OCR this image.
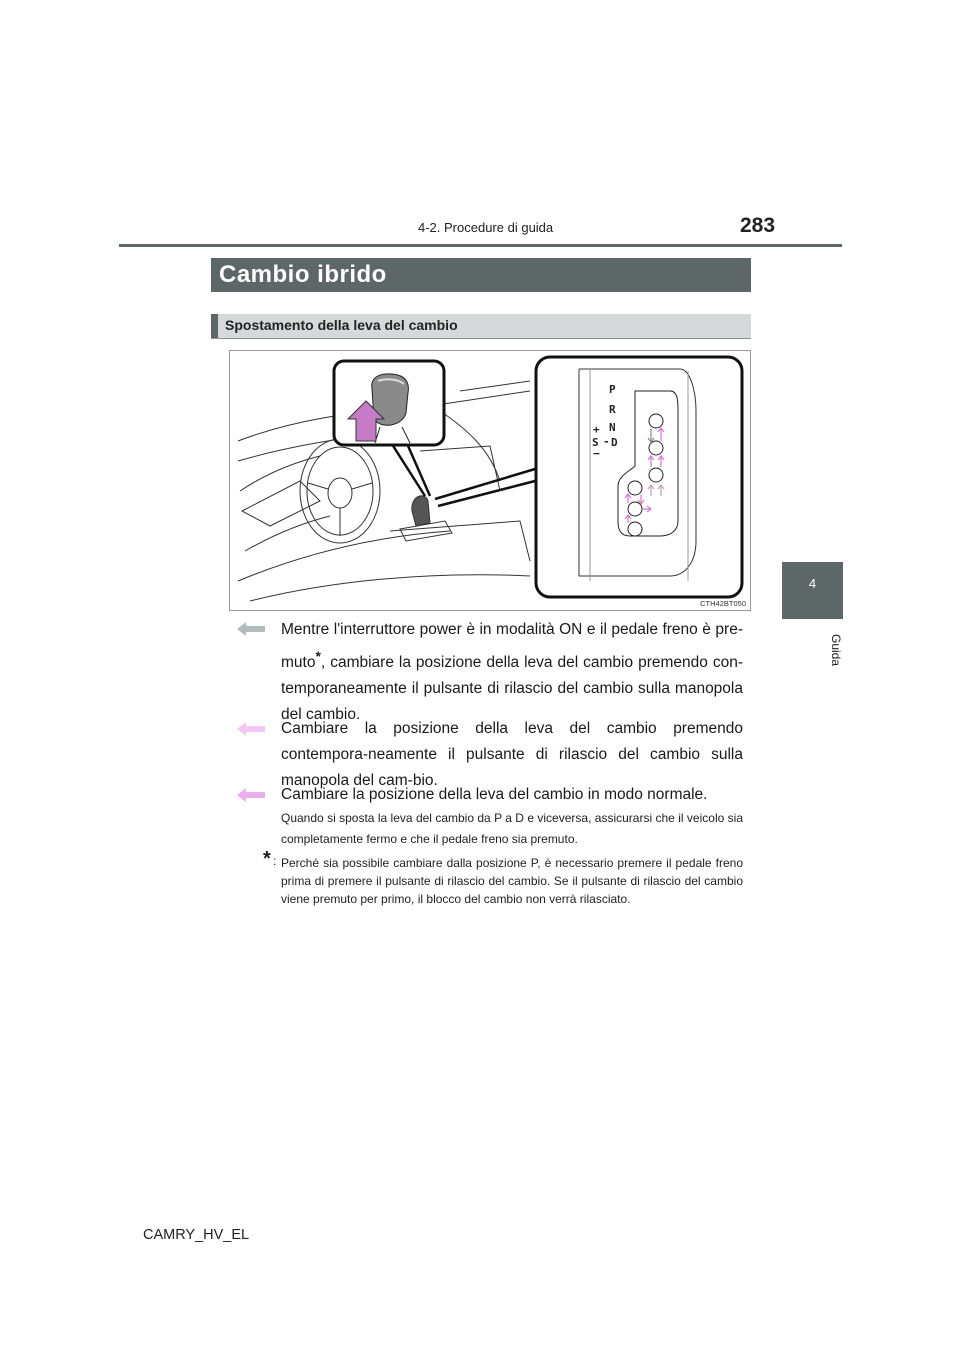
4-2. Procedure di guida	283
4
Guida
Cambio ibrido
Spostamento della leva del cambio
P
R
N
D
S
+
−
-
CTH42BT050
Mentre l'interruttore power è in modalità ON e il pedale freno è pre-muto*, cambiare la posizione della leva del cambio premendo con-temporaneamente il pulsante di rilascio del cambio sulla manopola del cambio.
Cambiare la posizione della leva del cambio premendo contempora-neamente il pulsante di rilascio del cambio sulla manopola del cam-bio.
Cambiare la posizione della leva del cambio in modo normale.
Quando si sposta la leva del cambio da P a D e viceversa, assicurarsi che il veicolo sia completamente fermo e che il pedale freno sia premuto.
* : Perché sia possibile cambiare dalla posizione P, è necessario premere il pedale freno prima di premere il pulsante di rilascio del cambio. Se il pulsante di rilascio del cambio viene premuto per primo, il blocco del cambio non verrà rilasciato.
CAMRY_HV_EL
